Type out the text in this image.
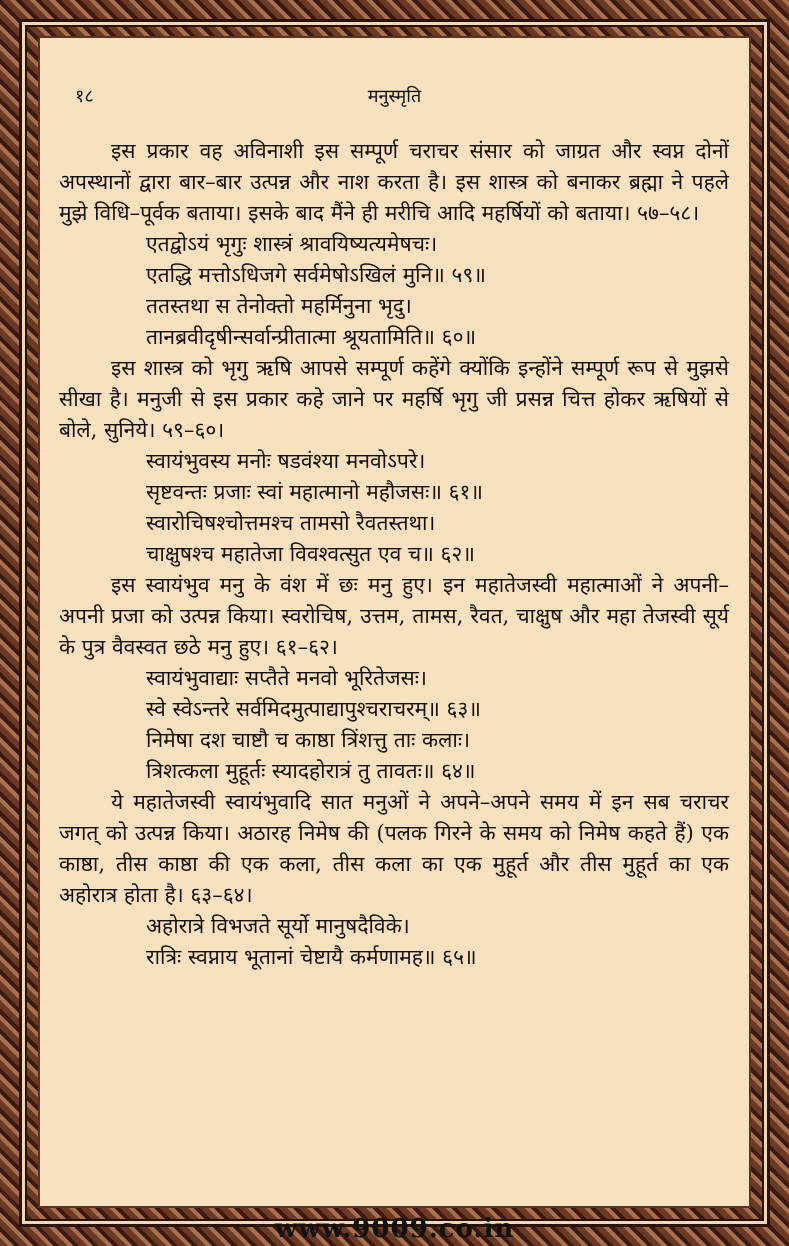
१८	मनुस्मृति
इस प्रकार वह अविनाशी इस सम्पूर्ण चराचर संसार को जाग्रत और स्वप्न दोनों अपस्थानों द्वारा बार–बार उत्पन्न और नाश करता है। इस शास्त्र को बनाकर ब्रह्मा ने पहले मुझे विधि–पूर्वक बताया। इसके बाद मैंने ही मरीचि आदि महर्षियों को बताया। ५७–५८।
एतद्वोऽयं भृगुः शास्त्रं श्रावयिष्यत्यमेषचः।
एतद्धि मत्तोऽधिजगे सर्वमेषोऽखिलं मुनि॥ ५९॥
ततस्तथा स तेनोक्तो महर्मिनुना भृदु।
तानब्रवीदृषीन्सर्वान्प्रीतात्मा श्रूयतामिति॥ ६०॥
इस शास्त्र को भृगु ऋषि आपसे सम्पूर्ण कहेंगे क्योंकि इन्होंने सम्पूर्ण रूप से मुझसे सीखा है। मनुजी से इस प्रकार कहे जाने पर महर्षि भृगु जी प्रसन्न चित्त होकर ऋषियों से बोले, सुनिये। ५९–६०।
स्वायंभुवस्य मनोः षडवंश्या मनवोऽपरे।
सृष्टवन्तः प्रजाः स्वां महात्मानो महौजसः॥ ६१॥
स्वारोचिषश्चोत्तमश्च तामसो रैवतस्तथा।
चाक्षुषश्च महातेजा विवश्वत्सुत एव च॥ ६२॥
इस स्वायंभुव मनु के वंश में छः मनु हुए। इन महातेजस्वी महात्माओं ने अपनी–अपनी प्रजा को उत्पन्न किया। स्वरोचिष, उत्तम, तामस, रैवत, चाक्षुष और महा तेजस्वी सूर्य के पुत्र वैवस्वत छठे मनु हुए। ६१–६२।
स्वायंभुवाद्याः सप्तैते मनवो भूरितेजसः।
स्वे स्वेऽन्तरे सर्वमिदमुत्पाद्यापुश्चराचरम्॥ ६३॥
निमेषा दश चाष्टौ च काष्ठा त्रिंशत्तु ताः कलाः।
त्रिशत्कला मुहूर्तः स्यादहोरात्रं तु तावतः॥ ६४॥
ये महातेजस्वी स्वायंभुवादि सात मनुओं ने अपने–अपने समय में इन सब चराचर जगत् को उत्पन्न किया। अठारह निमेष की (पलक गिरने के समय को निमेष कहते हैं) एक काष्ठा, तीस काष्ठा की एक कला, तीस कला का एक मुहूर्त और तीस मुहूर्त का एक अहोरात्र होता है। ६३–६४।
अहोरात्रे विभजते सूर्यो मानुषदैविके।
रात्रिः स्वप्नाय भूतानां चेष्टायै कर्मणामह॥ ६५॥
www.9009.co.in
